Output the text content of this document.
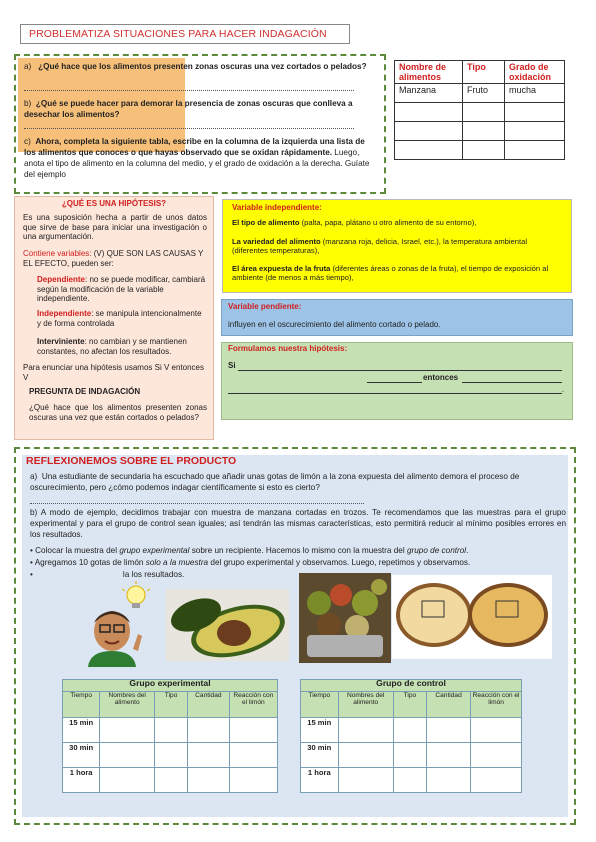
PROBLEMATIZA SITUACIONES PARA HACER INDAGACIÓN
a) ¿Qué hace que los alimentos presenten zonas oscuras una vez cortados o pelados?
b) ¿Qué se puede hacer para demorar la presencia de zonas oscuras que conlleva a desechar los alimentos?
c) Ahora, completa la siguiente tabla, escribe en la columna de la izquierda una lista de los alimentos que conoces o que hayas observado que se oxidan rápidamente. Luego, anota el tipo de alimento en la columna del medio, y el grado de oxidación a la derecha. Guíate del ejemplo
Nombre de alimentos	Tipo	Grado de oxidación
Manzana	Fruto	mucha

¿QUÉ ES UNA HIPÓTESIS?
Es una suposición hecha a partir de unos datos que sirve de base para iniciar una investigación o una argumentación.
Contiene variables: (V) QUE SON LAS CAUSAS Y EL EFECTO, pueden ser:
Dependiente: no se puede modificar, cambiará según la modificación de la variable independiente.
Independiente: se manipula intencionalmente y de forma controlada
Interviniente: no cambian y se mantienen constantes, no afectan los resultados.
Para enunciar una hipótesis usamos Si V entonces V
PREGUNTA DE INDAGACIÓN
¿Qué hace que los alimentos presenten zonas oscuras una vez que están cortados o pelados?
Variable independiente:
El tipo de alimento (palta, papa, plátano u otro alimento de su entorno),
La variedad del alimento (manzana roja, delicia, Israel, etc.), la temperatura ambiental (diferentes temperaturas),
El área expuesta de la fruta (diferentes áreas o zonas de la fruta), el tiempo de exposición al ambiente (de menos a más tiempo),
Variable pendiente:
influyen en el oscurecimiento del alimento cortado o pelado.
Formulamos nuestra hipótesis:
Si
entonces
.
REFLEXIONEMOS SOBRE EL PRODUCTO
a) Una estudiante de secundaria ha escuchado que añadir unas gotas de limón a la zona expuesta del alimento demora el proceso de oscurecimiento, pero ¿cómo podemos indagar científicamente si esto es cierto?
b) A modo de ejemplo, decidimos trabajar con muestra de manzana cortadas en trozos. Te recomendamos que las muestras para el grupo experimental y para el grupo de control sean iguales; así tendrán las mismas características, esto permitirá reducir al mínimo posibles errores en los resultados.
• Colocar la muestra del grupo experimental sobre un recipiente. Hacemos lo mismo con la muestra del grupo de control.
• Agregamos 10 gotas de limón solo a la muestra del grupo experimental y observamos. Luego, repetimos y observamos.
•	la los resultados.
Grupo experimental				
Tiempo	Nombres del alimento	Tipo	Cantidad	Reacción con el limón
15 min				
30 min				
1 hora				
Grupo de control				
Tiempo	Nombres del alimento	Tipo	Cantidad	Reacción con el limón
15 min				
30 min				
1 hora				
